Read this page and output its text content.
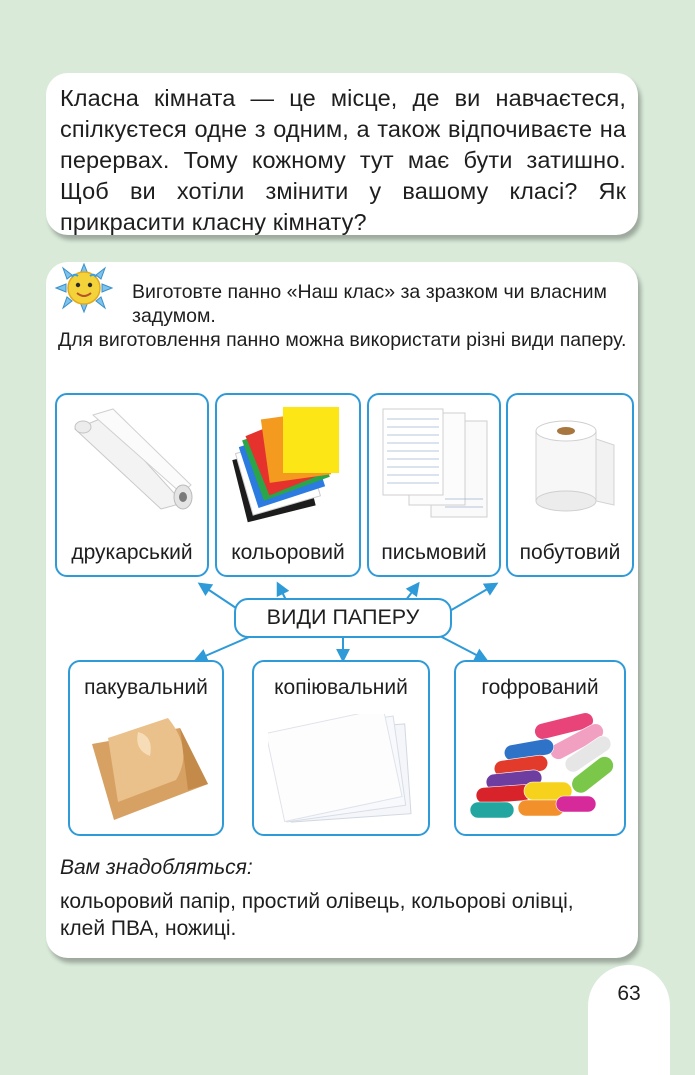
Класна кімната — це місце, де ви навчаєтеся, спілкуєтеся одне з одним, а також відпочиваєте на перервах. Тому кожному тут має бути затишно. Щоб ви хотіли змінити у вашому класі? Як прикрасити класну кімнату?
Виготовте панно «Наш клас» за зразком чи власним задумом.
Для виготовлення панно можна використати різні види паперу.
друкарський	кольоровий	письмовий	побутовий
ВИДИ ПАПЕРУ
пакувальний	копіювальний	гофрований
Вам знадобляться:
кольоровий папір, простий олівець, кольорові олівці, клей ПВА, ножиці.
63
